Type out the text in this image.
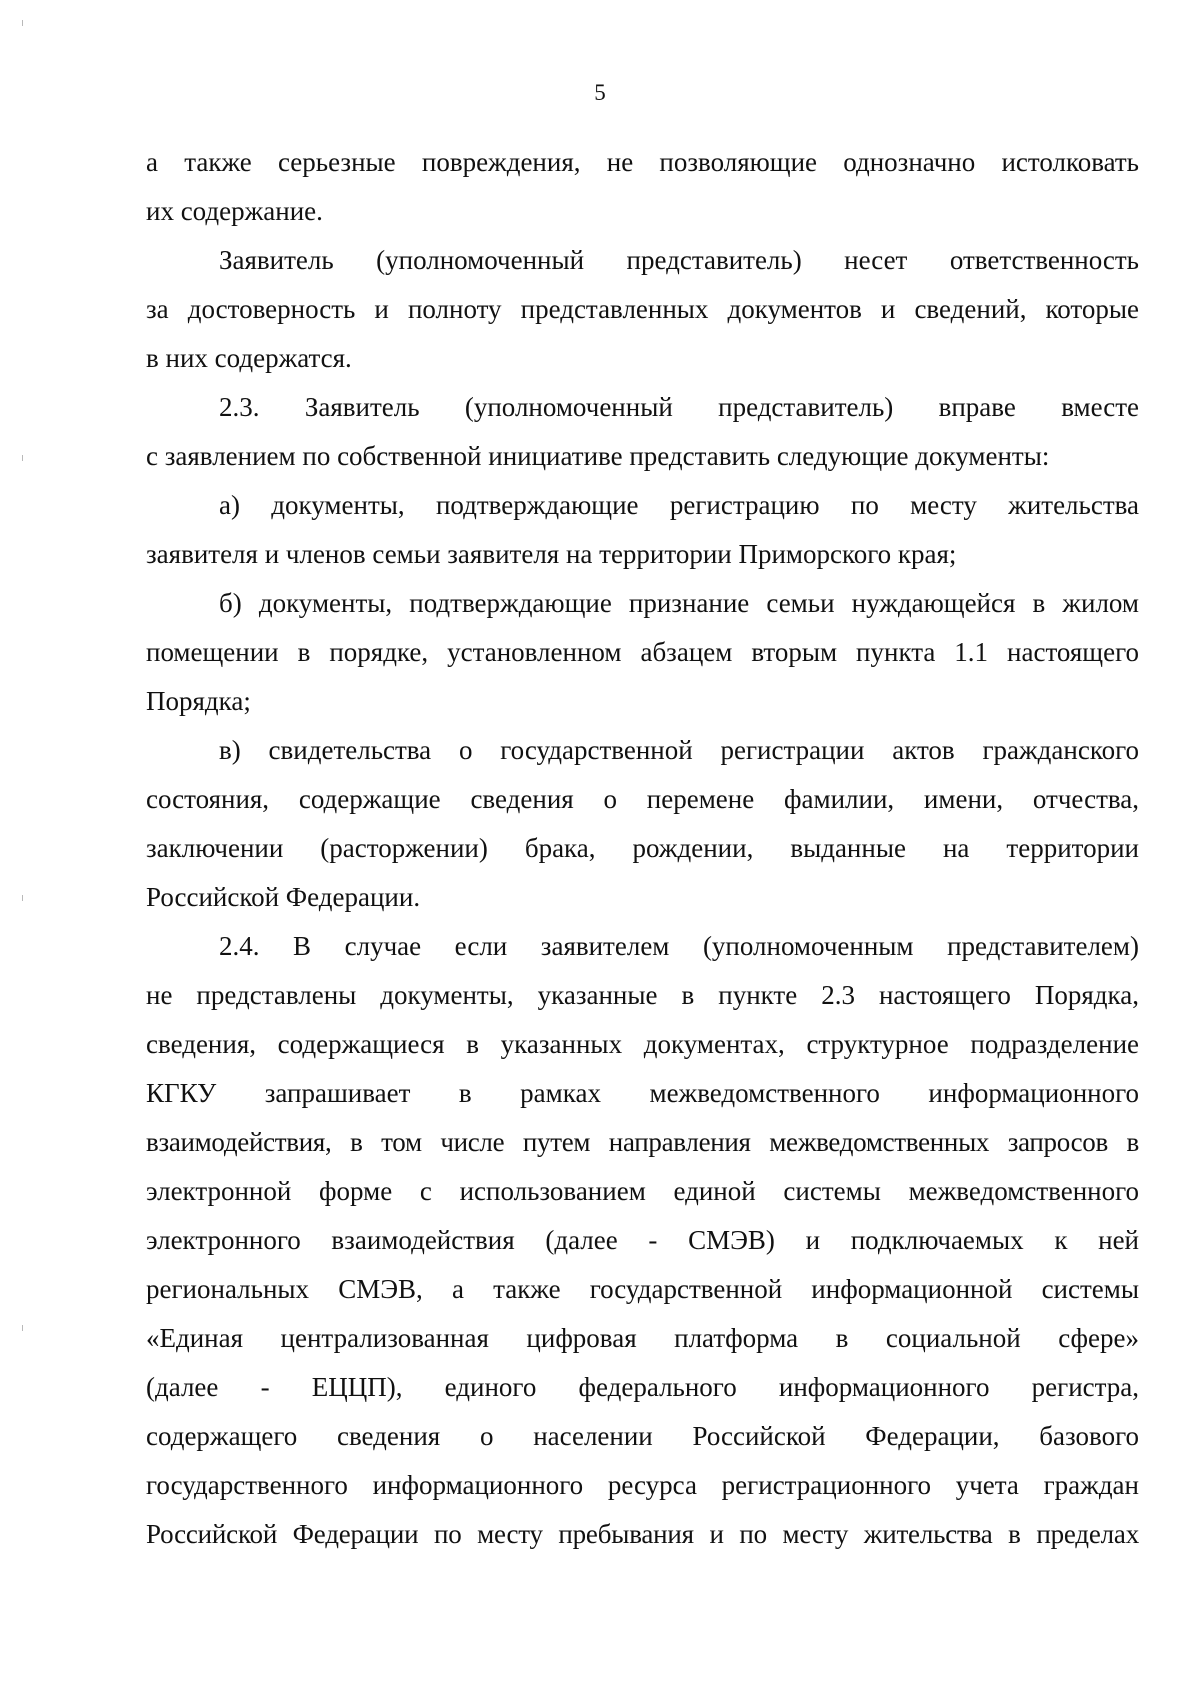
5

а также серьезные повреждения, не позволяющие однозначно истолковать
их содержание.

Заявитель (уполномоченный представитель) несет ответственность
за достоверность и полноту представленных документов и сведений, которые
в них содержатся.

2.3. Заявитель (уполномоченный представитель) вправе вместе
с заявлением по собственной инициативе представить следующие документы:

а) документы, подтверждающие регистрацию по месту жительства
заявителя и членов семьи заявителя на территории Приморского края;

б) документы, подтверждающие признание семьи нуждающейся в жилом
помещении в порядке, установленном абзацем вторым пункта 1.1 настоящего
Порядка;

в) свидетельства о государственной регистрации актов гражданского
состояния, содержащие сведения о перемене фамилии, имени, отчества,
заключении (расторжении) брака, рождении, выданные на территории
Российской Федерации.

2.4. В случае если заявителем (уполномоченным представителем)
не представлены документы, указанные в пункте 2.3 настоящего Порядка,
сведения, содержащиеся в указанных документах, структурное подразделение
КГКУ запрашивает в рамках межведомственного информационного
взаимодействия, в том числе путем направления межведомственных запросов в
электронной форме с использованием единой системы межведомственного
электронного взаимодействия (далее - СМЭВ) и подключаемых к ней
региональных СМЭВ, а также государственной информационной системы
«Единая централизованная цифровая платформа в социальной сфере»
(далее - ЕЦЦП), единого федерального информационного регистра,
содержащего сведения о населении Российской Федерации, базового
государственного информационного ресурса регистрационного учета граждан
Российской Федерации по месту пребывания и по месту жительства в пределах
